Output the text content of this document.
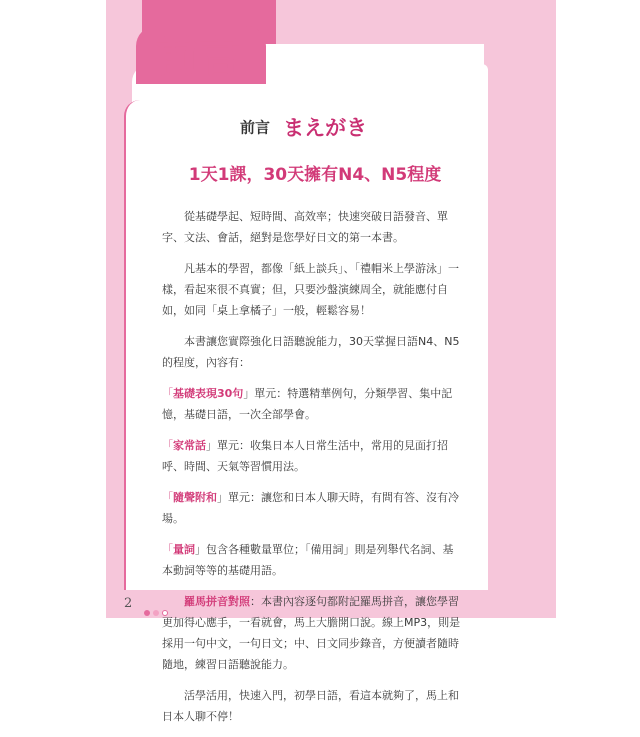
前言
前言 まえがき
1天1課，30天擁有N4、N5程度

從基礎學起、短時間、高效率；快速突破日語發音、單字、文法、會話，絕對是您學好日文的第一本書。

凡基本的學習，都像「紙上談兵」、「禮帽米上學游泳」一樣，看起來很不真實；但，只要沙盤演練周全，就能應付自如，如同「桌上拿橘子」一般，輕鬆容易！

本書讓您實際強化日語聽說能力，30天掌握日語N4、N5的程度，內容有：

「基礎表現30句」單元：特選精華例句，分類學習、集中記憶，基礎日語，一次全部學會。

「家常話」單元：收集日本人日常生活中，常用的見面打招呼、時間、天氣等習慣用法。

「隨聲附和」單元：讓您和日本人聊天時，有問有答、沒有冷場。

「量詞」包含各種數量單位；「備用詞」則是列舉代名詞、基本動詞等等的基礎用語。

羅馬拼音對照：本書內容逐句都附記羅馬拼音，讓您學習更加得心應手，一看就會，馬上大膽開口說。線上MP3，則是採用一句中文，一句日文；中、日文同步錄音，方便讀者隨時隨地，練習日語聽說能力。

活學活用，快速入門，初學日語，看這本就夠了，馬上和日本人聊不停！

2
